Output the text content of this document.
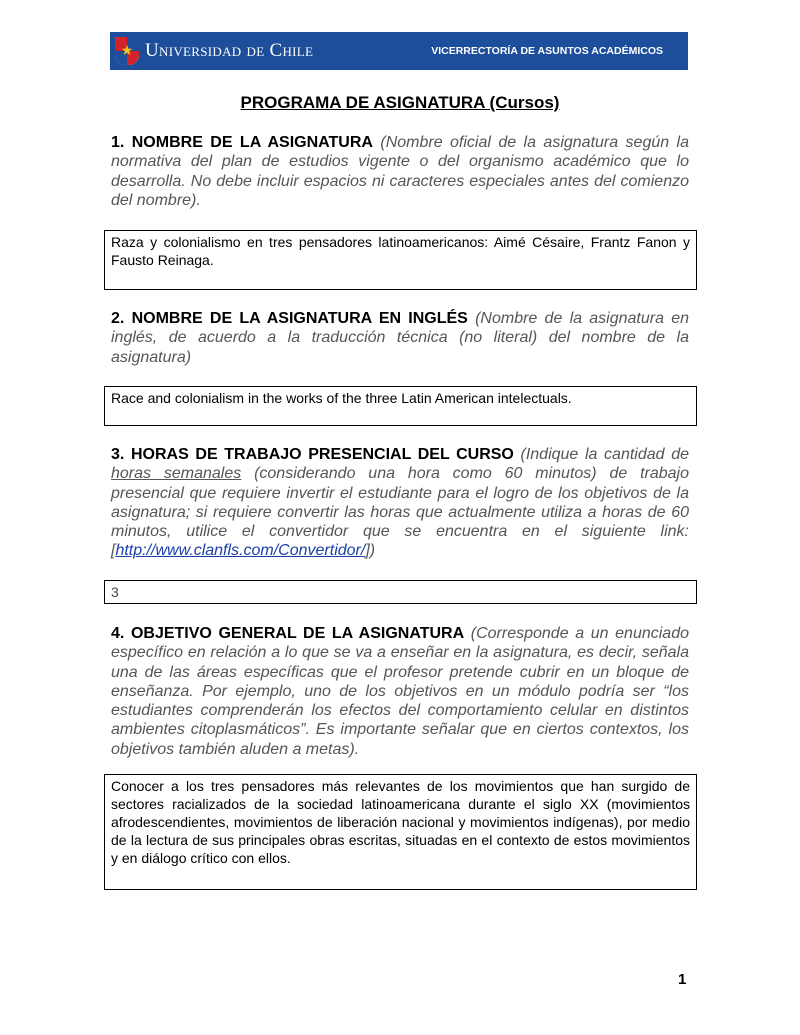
★ Universidad de Chile	VICERRECTORÍA DE ASUNTOS ACADÉMICOS
PROGRAMA DE ASIGNATURA (Cursos)
1. NOMBRE DE LA ASIGNATURA (Nombre oficial de la asignatura según la normativa del plan de estudios vigente o del organismo académico que lo desarrolla. No debe incluir espacios ni caracteres especiales antes del comienzo del nombre).
Raza y colonialismo en tres pensadores latinoamericanos: Aimé Césaire, Frantz Fanon y Fausto Reinaga.
2. NOMBRE DE LA ASIGNATURA EN INGLÉS (Nombre de la asignatura en inglés, de acuerdo a la traducción técnica (no literal) del nombre de la asignatura)
Race and colonialism in the works of the three Latin American intelectuals.
3. HORAS DE TRABAJO PRESENCIAL DEL CURSO (Indique la cantidad de horas semanales (considerando una hora como 60 minutos) de trabajo presencial que requiere invertir el estudiante para el logro de los objetivos de la asignatura; si requiere convertir las horas que actualmente utiliza a horas de 60 minutos, utilice el convertidor que se encuentra en el siguiente link: [http://www.clanfls.com/Convertidor/])
3
4. OBJETIVO GENERAL DE LA ASIGNATURA (Corresponde a un enunciado específico en relación a lo que se va a enseñar en la asignatura, es decir, señala una de las áreas específicas que el profesor pretende cubrir en un bloque de enseñanza. Por ejemplo, uno de los objetivos en un módulo podría ser “los estudiantes comprenderán los efectos del comportamiento celular en distintos ambientes citoplasmáticos”. Es importante señalar que en ciertos contextos, los objetivos también aluden a metas).
Conocer a los tres pensadores más relevantes de los movimientos que han surgido de sectores racializados de la sociedad latinoamericana durante el siglo XX (movimientos afrodescendientes, movimientos de liberación nacional y movimientos indígenas), por medio de la lectura de sus principales obras escritas, situadas en el contexto de estos movimientos y en diálogo crítico con ellos.
1
